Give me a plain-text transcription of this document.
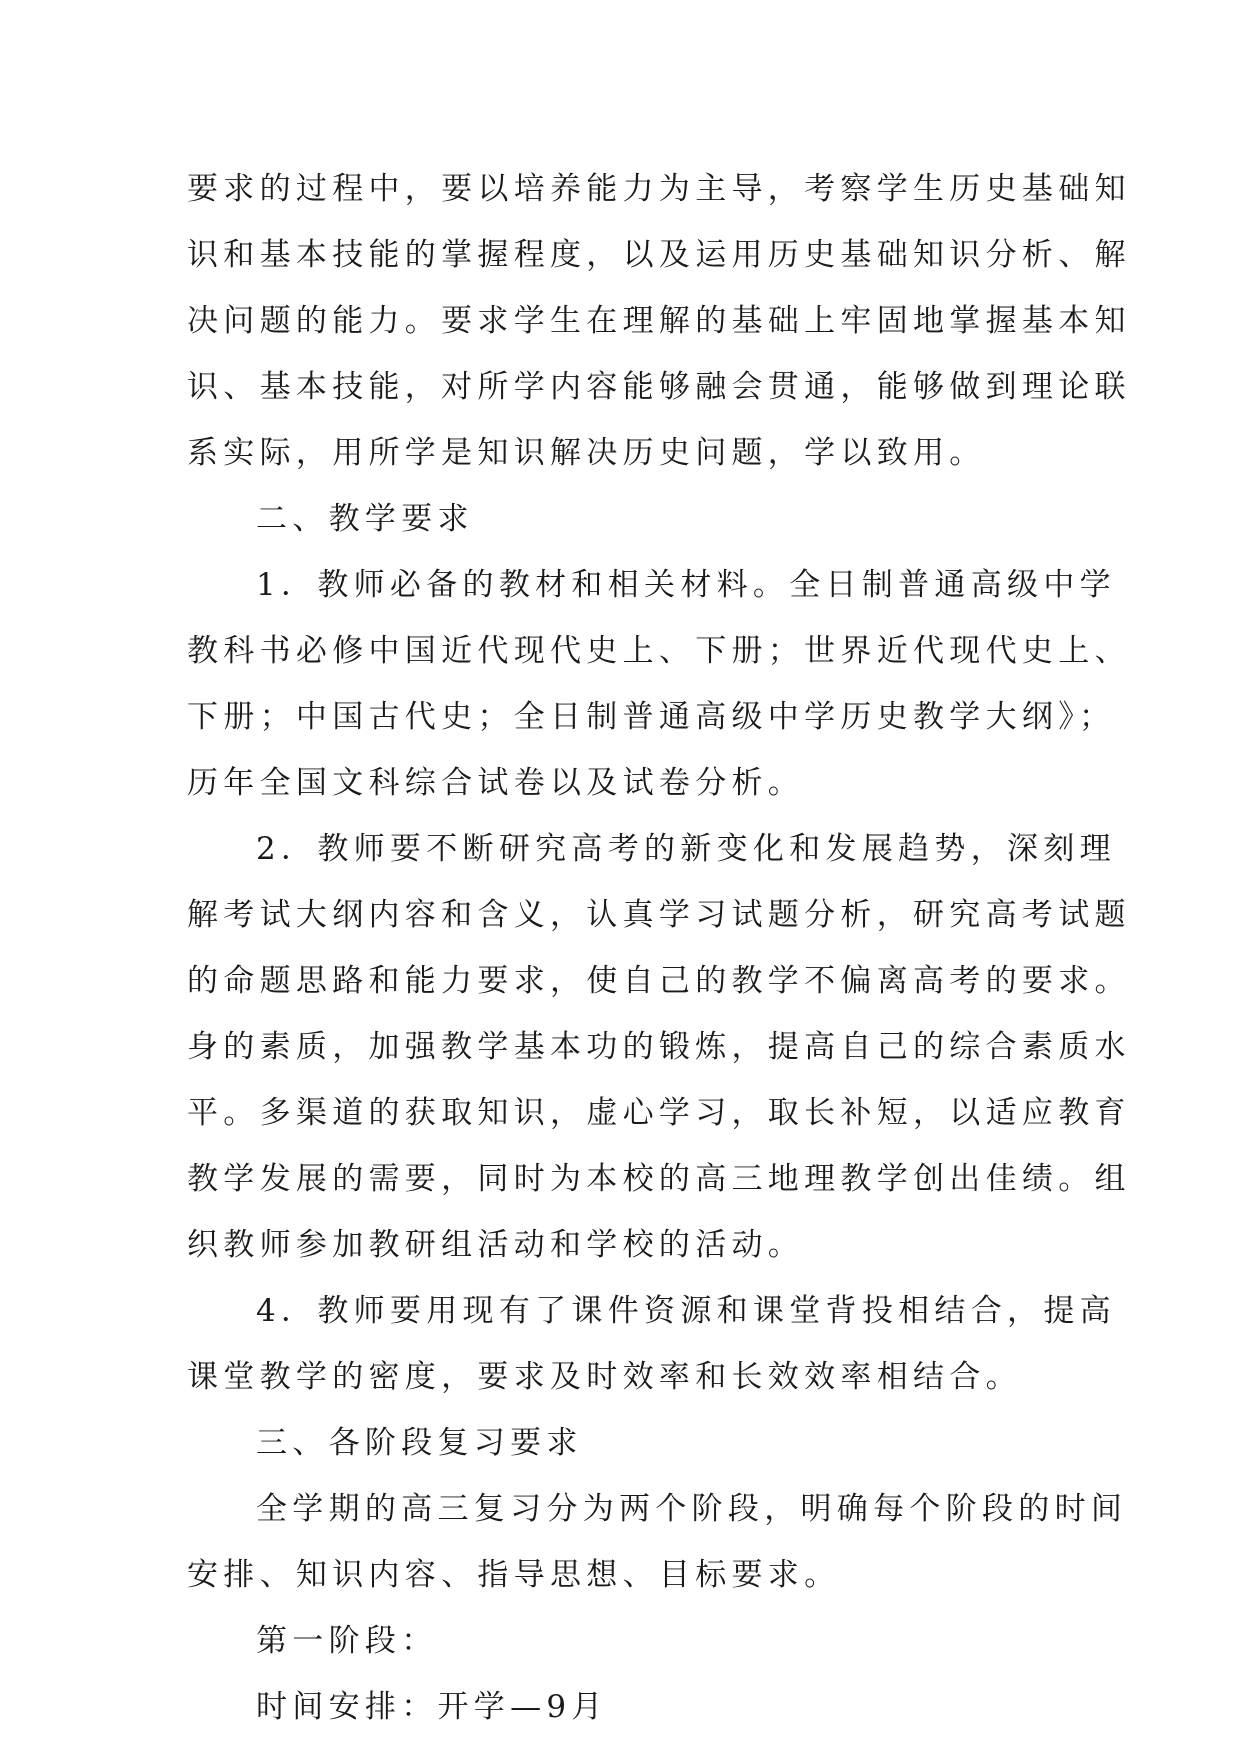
要求的过程中，要以培养能力为主导，考察学生历史基础知
识和基本技能的掌握程度，以及运用历史基础知识分析、解
决问题的能力。要求学生在理解的基础上牢固地掌握基本知
识、基本技能，对所学内容能够融会贯通，能够做到理论联
系实际，用所学是知识解决历史问题，学以致用。
二、教学要求
1．教师必备的教材和相关材料。全日制普通高级中学
教科书必修中国近代现代史上、下册；世界近代现代史上、
下册；中国古代史；全日制普通高级中学历史教学大纲》；
历年全国文科综合试卷以及试卷分析。
2．教师要不断研究高考的新变化和发展趋势，深刻理
解考试大纲内容和含义，认真学习试题分析，研究高考试题
的命题思路和能力要求，使自己的教学不偏离高考的要求。
身的素质，加强教学基本功的锻炼，提高自己的综合素质水
平。多渠道的获取知识，虚心学习，取长补短，以适应教育
教学发展的需要，同时为本校的高三地理教学创出佳绩。组
织教师参加教研组活动和学校的活动。
4．教师要用现有了课件资源和课堂背投相结合，提高
课堂教学的密度，要求及时效率和长效效率相结合。
三、各阶段复习要求
全学期的高三复习分为两个阶段，明确每个阶段的时间
安排、知识内容、指导思想、目标要求。
第一阶段：
时间安排：开学—9月
